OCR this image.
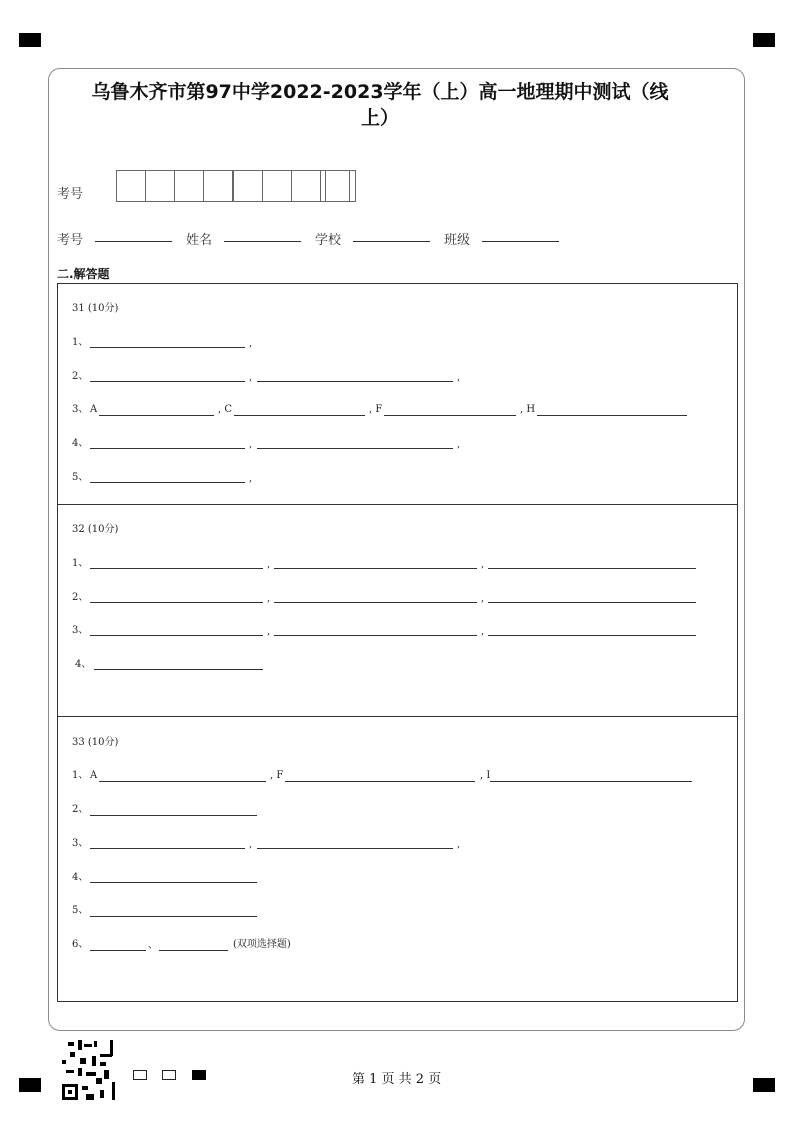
乌鲁木齐市第97中学2022-2023学年（上）高一地理期中测试（线
上）
考号
考号	姓名	学校	班级
二.解答题
31 (10分)
1、	,
2、	,	,
3、 A	, C	, F	, H
4、	,	,
5、	,
32 (10分)
1、	,	,
2、	,	,
3、	,	,
4、
33 (10分)
1、 A	, F	, I
2、
3、	,	,
4、
5、
6、	、	(双项选择题)
第 1 页 共 2 页
